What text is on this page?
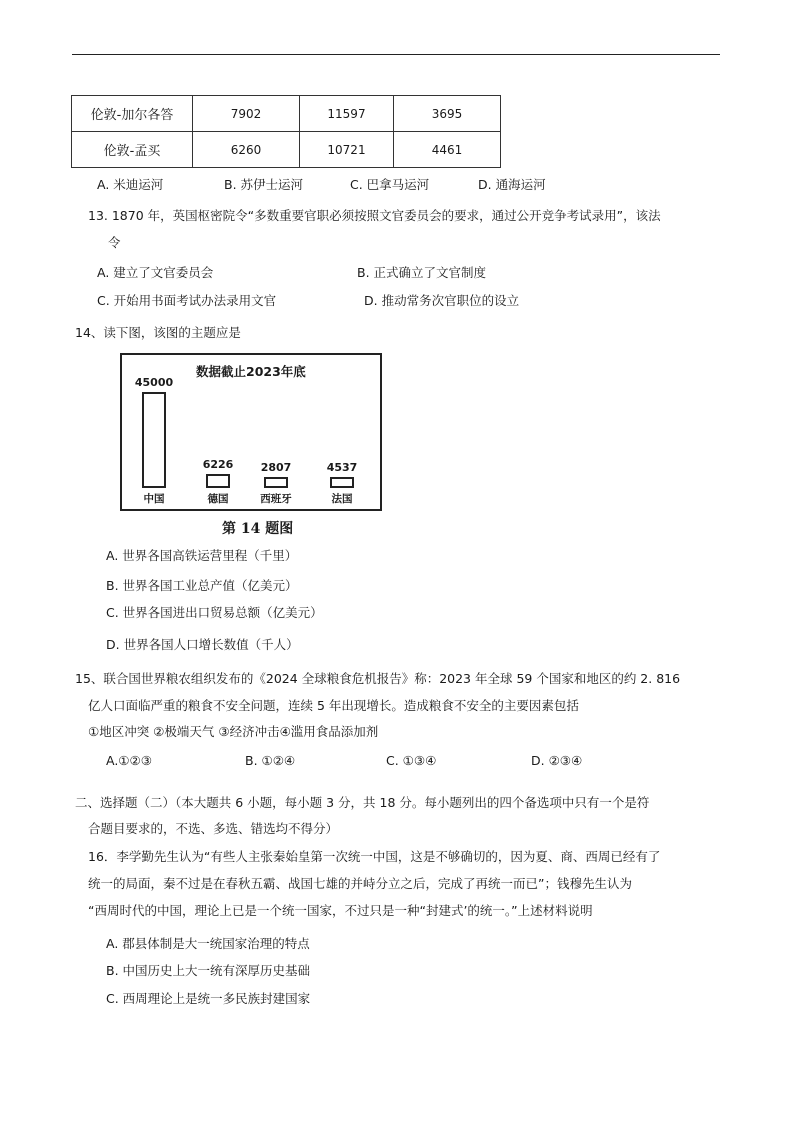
伦敦-加尔各答	7902	11597	3695
伦敦-孟买	6260	10721	4461
A. 米迪运河	B. 苏伊士运河	C. 巴拿马运河	D. 通海运河
13. 1870 年，英国枢密院令“多数重要官职必须按照文官委员会的要求，通过公开竞争考试录用”，该法
令
A. 建立了文官委员会	B. 正式确立了文官制度
C. 开始用书面考试办法录用文官	D. 推动常务次官职位的设立
14、读下图，该图的主题应是
数据截止2023年底
45000
中国
6226
德国
2807
西班牙
4537
法国
第 14 题图
A. 世界各国高铁运营里程（千里）
B. 世界各国工业总产值（亿美元）
C. 世界各国进出口贸易总额（亿美元）
D. 世界各国人口增长数值（千人）
15、联合国世界粮农组织发布的《2024 全球粮食危机报告》称：2023 年全球 59 个国家和地区的约 2. 816
亿人口面临严重的粮食不安全问题，连续 5 年出现增长。造成粮食不安全的主要因素包括
①地区冲突 ②极端天气 ③经济冲击④滥用食品添加剂
A.①②③	B. ①②④	C. ①③④	D. ②③④
二、选择题（二）（本大题共 6 小题，每小题 3 分，共 18 分。每小题列出的四个备选项中只有一个是符
合题目要求的，不选、多选、错选均不得分）
16．李学勤先生认为“有些人主张秦始皇第一次统一中国，这是不够确切的，因为夏、商、西周已经有了
统一的局面，秦不过是在春秋五霸、战国七雄的并峙分立之后，完成了再统一而已”；钱穆先生认为
“西周时代的中国，理论上已是一个统一国家，不过只是一种“封建式’的统一。”上述材料说明
A. 郡县体制是大一统国家治理的特点
B. 中国历史上大一统有深厚历史基础
C. 西周理论上是统一多民族封建国家
